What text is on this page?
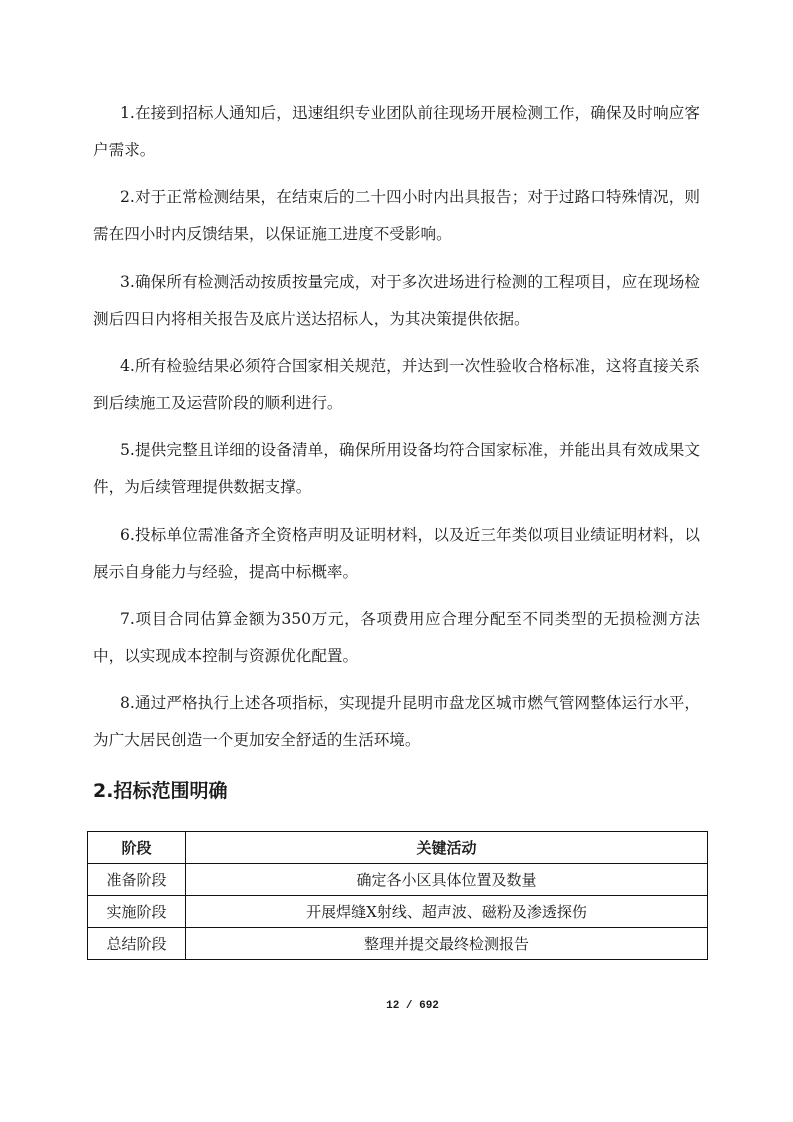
1.在接到招标人通知后，迅速组织专业团队前往现场开展检测工作，确保及时响应客户需求。

2.对于正常检测结果，在结束后的二十四小时内出具报告；对于过路口特殊情况，则需在四小时内反馈结果，以保证施工进度不受影响。

3.确保所有检测活动按质按量完成，对于多次进场进行检测的工程项目，应在现场检测后四日内将相关报告及底片送达招标人，为其决策提供依据。

4.所有检验结果必须符合国家相关规范，并达到一次性验收合格标准，这将直接关系到后续施工及运营阶段的顺利进行。

5.提供完整且详细的设备清单，确保所用设备均符合国家标准，并能出具有效成果文件，为后续管理提供数据支撑。

6.投标单位需准备齐全资格声明及证明材料，以及近三年类似项目业绩证明材料，以展示自身能力与经验，提高中标概率。

7.项目合同估算金额为350万元，各项费用应合理分配至不同类型的无损检测方法中，以实现成本控制与资源优化配置。

8.通过严格执行上述各项指标，实现提升昆明市盘龙区城市燃气管网整体运行水平，为广大居民创造一个更加安全舒适的生活环境。

2.招标范围明确
阶段	关键活动
准备阶段	确定各小区具体位置及数量
实施阶段	开展焊缝X射线、超声波、磁粉及渗透探伤
总结阶段	整理并提交最终检测报告
12 / 692
